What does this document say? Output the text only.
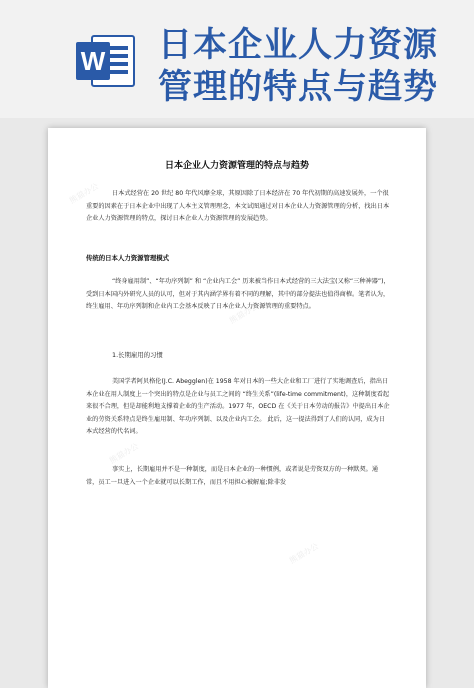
W 日本企业人力资源
管理的特点与趋势
熊猫办公
熊猫办公
熊猫办公
熊猫办公
日本企业人力资源管理的特点与趋势
日本式经营在 20 世纪 80 年代风靡全球，其原因除了日本经济在 70 年代初期的高速发展外，一个很重要的因素在于日本企业中出现了人本主义管理理念，本文试图通过对日本企业人力资源管理的分析，找出日本企业人力资源管理的特点，探讨日本企业人力资源管理的发展趋势。
传统的日本人力资源管理模式
“终身雇用制”、“年功序列制” 和 “企业内工会” 历来被当作日本式经营的三大法宝(又称“三种神器”)，受到日本国内外研究人员的认可，但对于其内涵学界有着不同的理解，其中的部分提法也值得商榷。笔者认为，终生雇用、年功序列制和企业内工会基本反映了日本企业人力资源管理的重要特点。
1.长期雇用的习惯
美国学者阿贝格伦(J.C. Abegglen)在 1958 年对日本的一些大企业和工厂进行了实地调查后，指出日本企业在用人制度上一个突出的特点是企业与员工之间的 “终生关系”(life-time commitment)，这种制度看起来很不合理，但是却能利地支撑着企业的生产活动。1977 年，OECD 在《关于日本劳动的报告》中提出日本企业的劳资关系特点是终生雇用制、年功序列制、以及企业内工会。 此后，这一提法得到了人们的认同，成为日本式经营的代名词。
事实上，长期雇用并不是一种制度，而是日本企业的一种惯例，或者说是劳资双方的一种默契。通常，员工一旦进入一个企业就可以长期工作，而且不用担心被解雇;除非发
